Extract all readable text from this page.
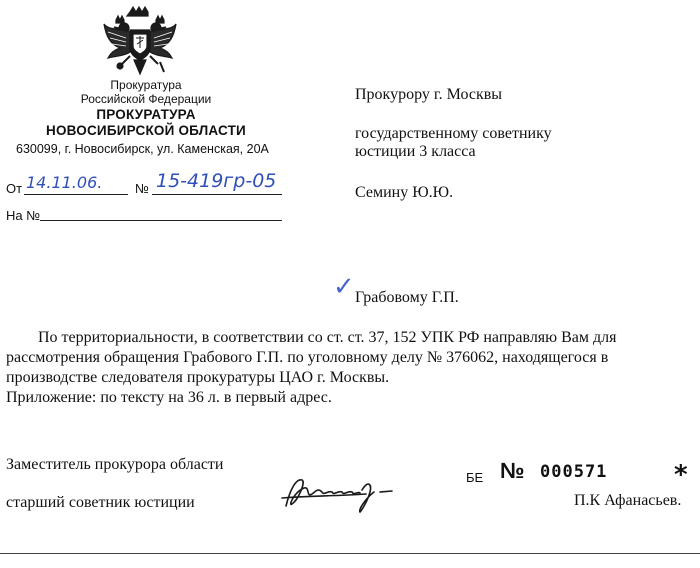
Прокуратура
Российской Федерации
ПРОКУРАТУРА
НОВОСИБИРСКОЙ ОБЛАСТИ
630099, г. Новосибирск, ул. Каменская, 20А
От 14.11.06.	№ 15-419гр-05
На №
Прокурору г. Москвы
государственному советнику
юстиции 3 класса
Семину Ю.Ю.
✓ Грабовому Г.П.
По территориальности, в соответствии со ст. ст. 37, 152 УПК РФ направляю Вам для
рассмотрения обращения Грабового Г.П. по уголовному делу № 376062, находящегося в
производстве следователя прокуратуры ЦАО г. Москвы.
Приложение: по тексту на 36 л. в первый адрес.
Заместитель прокурора области
старший советник юстиции
БЕ № 000571	*
П.К Афанасьев.
